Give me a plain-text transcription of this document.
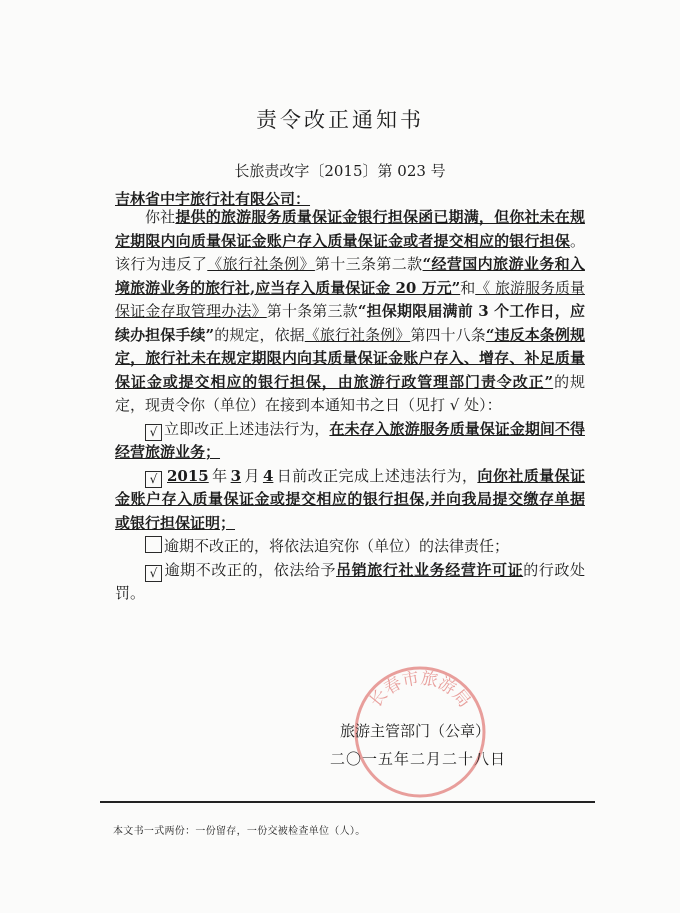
责令改正通知书
长旅责改字〔2015〕第 023 号
吉林省中宇旅行社有限公司：

你社提供的旅游服务质量保证金银行担保函已期满，但你社未在规定期限内向质量保证金账户存入质量保证金或者提交相应的银行担保。该行为违反了《旅行社条例》第十三条第二款“经营国内旅游业务和入境旅游业务的旅行社,应当存入质量保证金 20 万元”和《 旅游服务质量保证金存取管理办法》第十条第三款“担保期限届满前 3 个工作日，应续办担保手续”的规定，依据《旅行社条例》第四十八条“违反本条例规定，旅行社未在规定期限内向其质量保证金账户存入、增存、补足质量保证金或提交相应的银行担保，由旅游行政管理部门责令改正”的规定，现责令你（单位）在接到本通知书之日（见打 √ 处）：

√ 立即改正上述违法行为，在未存入旅游服务质量保证金期间不得经营旅游业务；

√ 2015 年 3 月 4 日前改正完成上述违法行为，向你社质量保证金账户存入质量保证金或提交相应的银行担保,并向我局提交缴存单据或银行担保证明；

逾期不改正的，将依法追究你（单位）的法律责任；

√ 逾期不改正的，依法给予吊销旅行社业务经营许可证的行政处罚。

长春市旅游局
旅游主管部门（公章）
二〇一五年二月二十八日
本文书一式两份：一份留存，一份交被检查单位（人）。
